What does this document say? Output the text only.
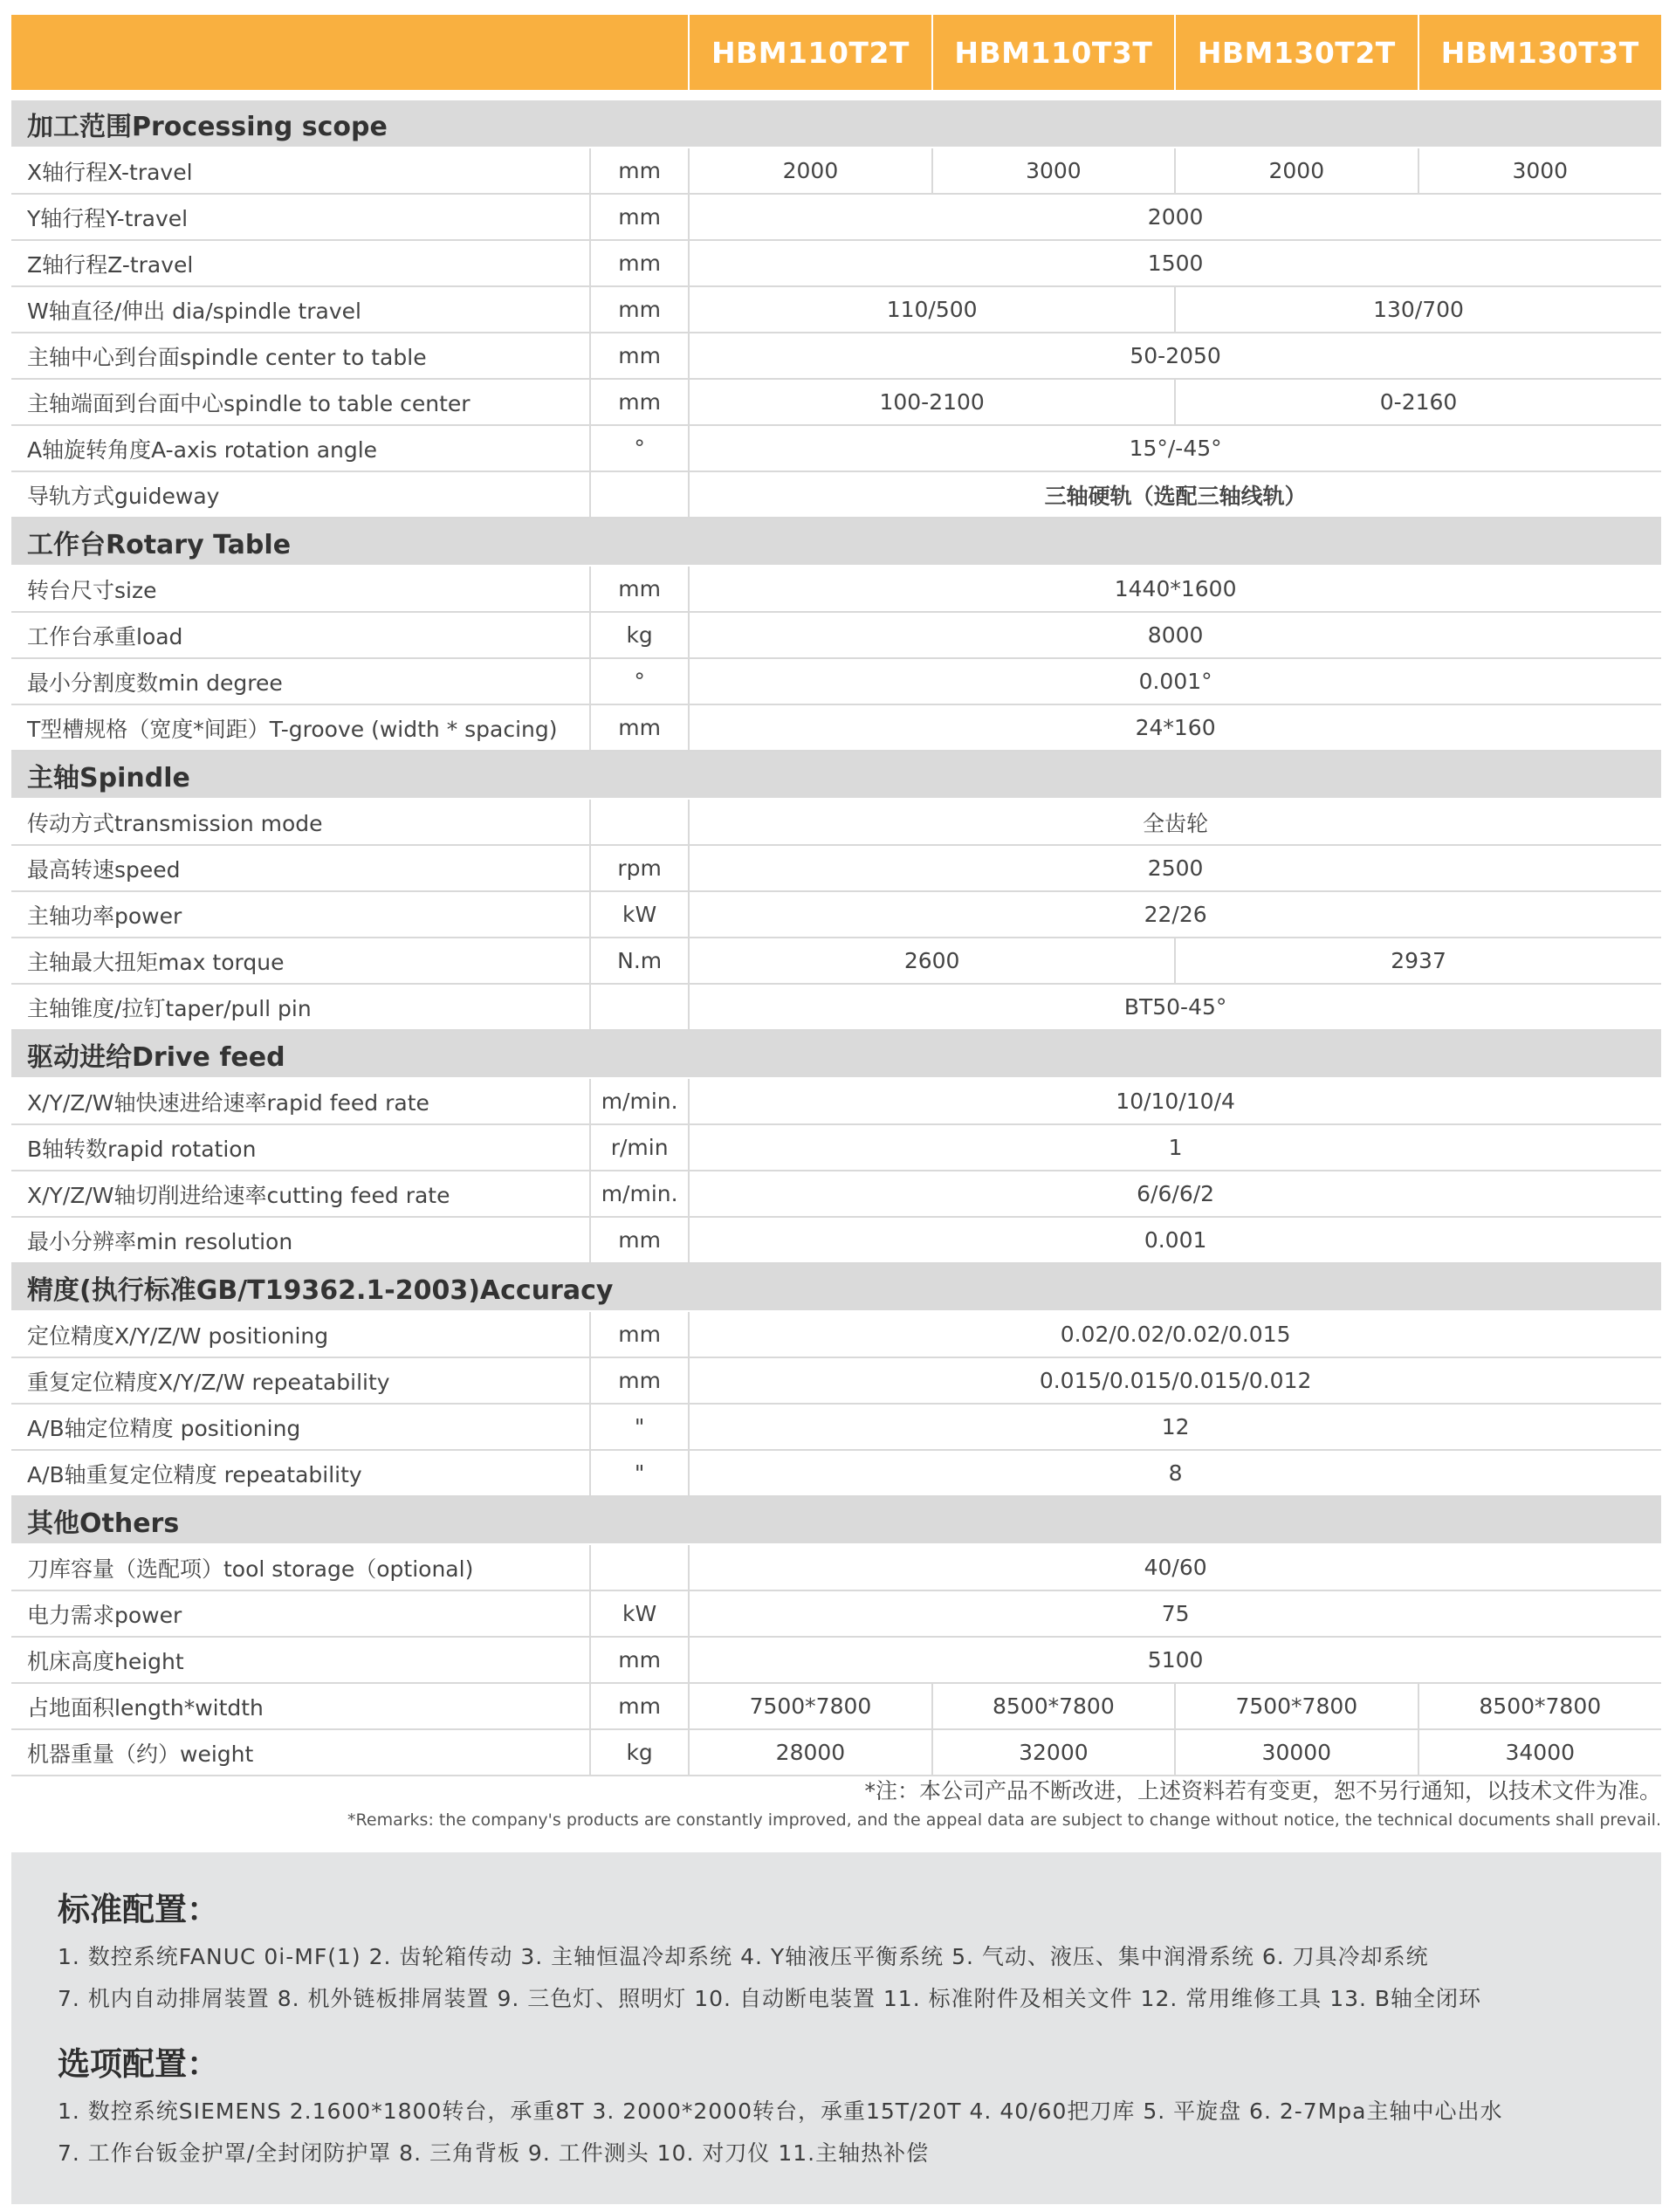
		HBM110T2T	HBM110T3T	HBM130T2T	HBM130T3T

加工范围Processing scope					
X轴行程X-travel	mm	2000	3000	2000	3000
Y轴行程Y-travel	mm	2000			
Z轴行程Z-travel	mm	1500			
W轴直径/伸出 dia/spindle travel	mm	110/500		130/700	
主轴中心到台面spindle center to table	mm	50-2050			
主轴端面到台面中心spindle to table center	mm	100-2100		0-2160	
A轴旋转角度A-axis rotation angle	°	15°/-45°			
导轨方式guideway		三轴硬轨（选配三轴线轨）			
工作台Rotary Table					
转台尺寸size	mm	1440*1600			
工作台承重load	kg	8000			
最小分割度数min degree	°	0.001°			
T型槽规格（宽度*间距）T-groove (width * spacing)	mm	24*160			
主轴Spindle					
传动方式transmission mode		全齿轮			
最高转速speed	rpm	2500			
主轴功率power	kW	22/26			
主轴最大扭矩max torque	N.m	2600		2937	
主轴锥度/拉钉taper/pull pin		BT50-45°			
驱动进给Drive feed					
X/Y/Z/W轴快速进给速率rapid feed rate	m/min.	10/10/10/4			
B轴转数rapid rotation	r/min	1			
X/Y/Z/W轴切削进给速率cutting feed rate	m/min.	6/6/6/2			
最小分辨率min resolution	mm	0.001			
精度(执行标准GB/T19362.1-2003)Accuracy					
定位精度X/Y/Z/W positioning	mm	0.02/0.02/0.02/0.015			
重复定位精度X/Y/Z/W repeatability	mm	0.015/0.015/0.015/0.012			
A/B轴定位精度 positioning	"	12			
A/B轴重复定位精度 repeatability	"	8			
其他Others					
刀库容量（选配项）tool storage（optional)		40/60			
电力需求power	kW	75			
机床高度height	mm	5100			
占地面积length*witdth	mm	7500*7800	8500*7800	7500*7800	8500*7800
机器重量（约）weight	kg	28000	32000	30000	34000
*注：本公司产品不断改进，上述资料若有变更，恕不另行通知，以技术文件为准。
*Remarks: the company's products are constantly improved, and the appeal data are subject to change without notice, the technical documents shall prevail.
标准配置：
1. 数控系统FANUC 0i-MF(1) 2. 齿轮箱传动 3. 主轴恒温冷却系统 4. Y轴液压平衡系统 5. 气动、液压、集中润滑系统 6. 刀具冷却系统
7. 机内自动排屑装置 8. 机外链板排屑装置 9. 三色灯、照明灯 10. 自动断电装置 11. 标准附件及相关文件 12. 常用维修工具 13. B轴全闭环
选项配置：
1. 数控系统SIEMENS 2.1600*1800转台，承重8T 3. 2000*2000转台，承重15T/20T 4. 40/60把刀库 5. 平旋盘 6. 2-7Mpa主轴中心出水
7. 工作台钣金护罩/全封闭防护罩 8. 三角背板 9. 工件测头 10. 对刀仪 11.主轴热补偿
